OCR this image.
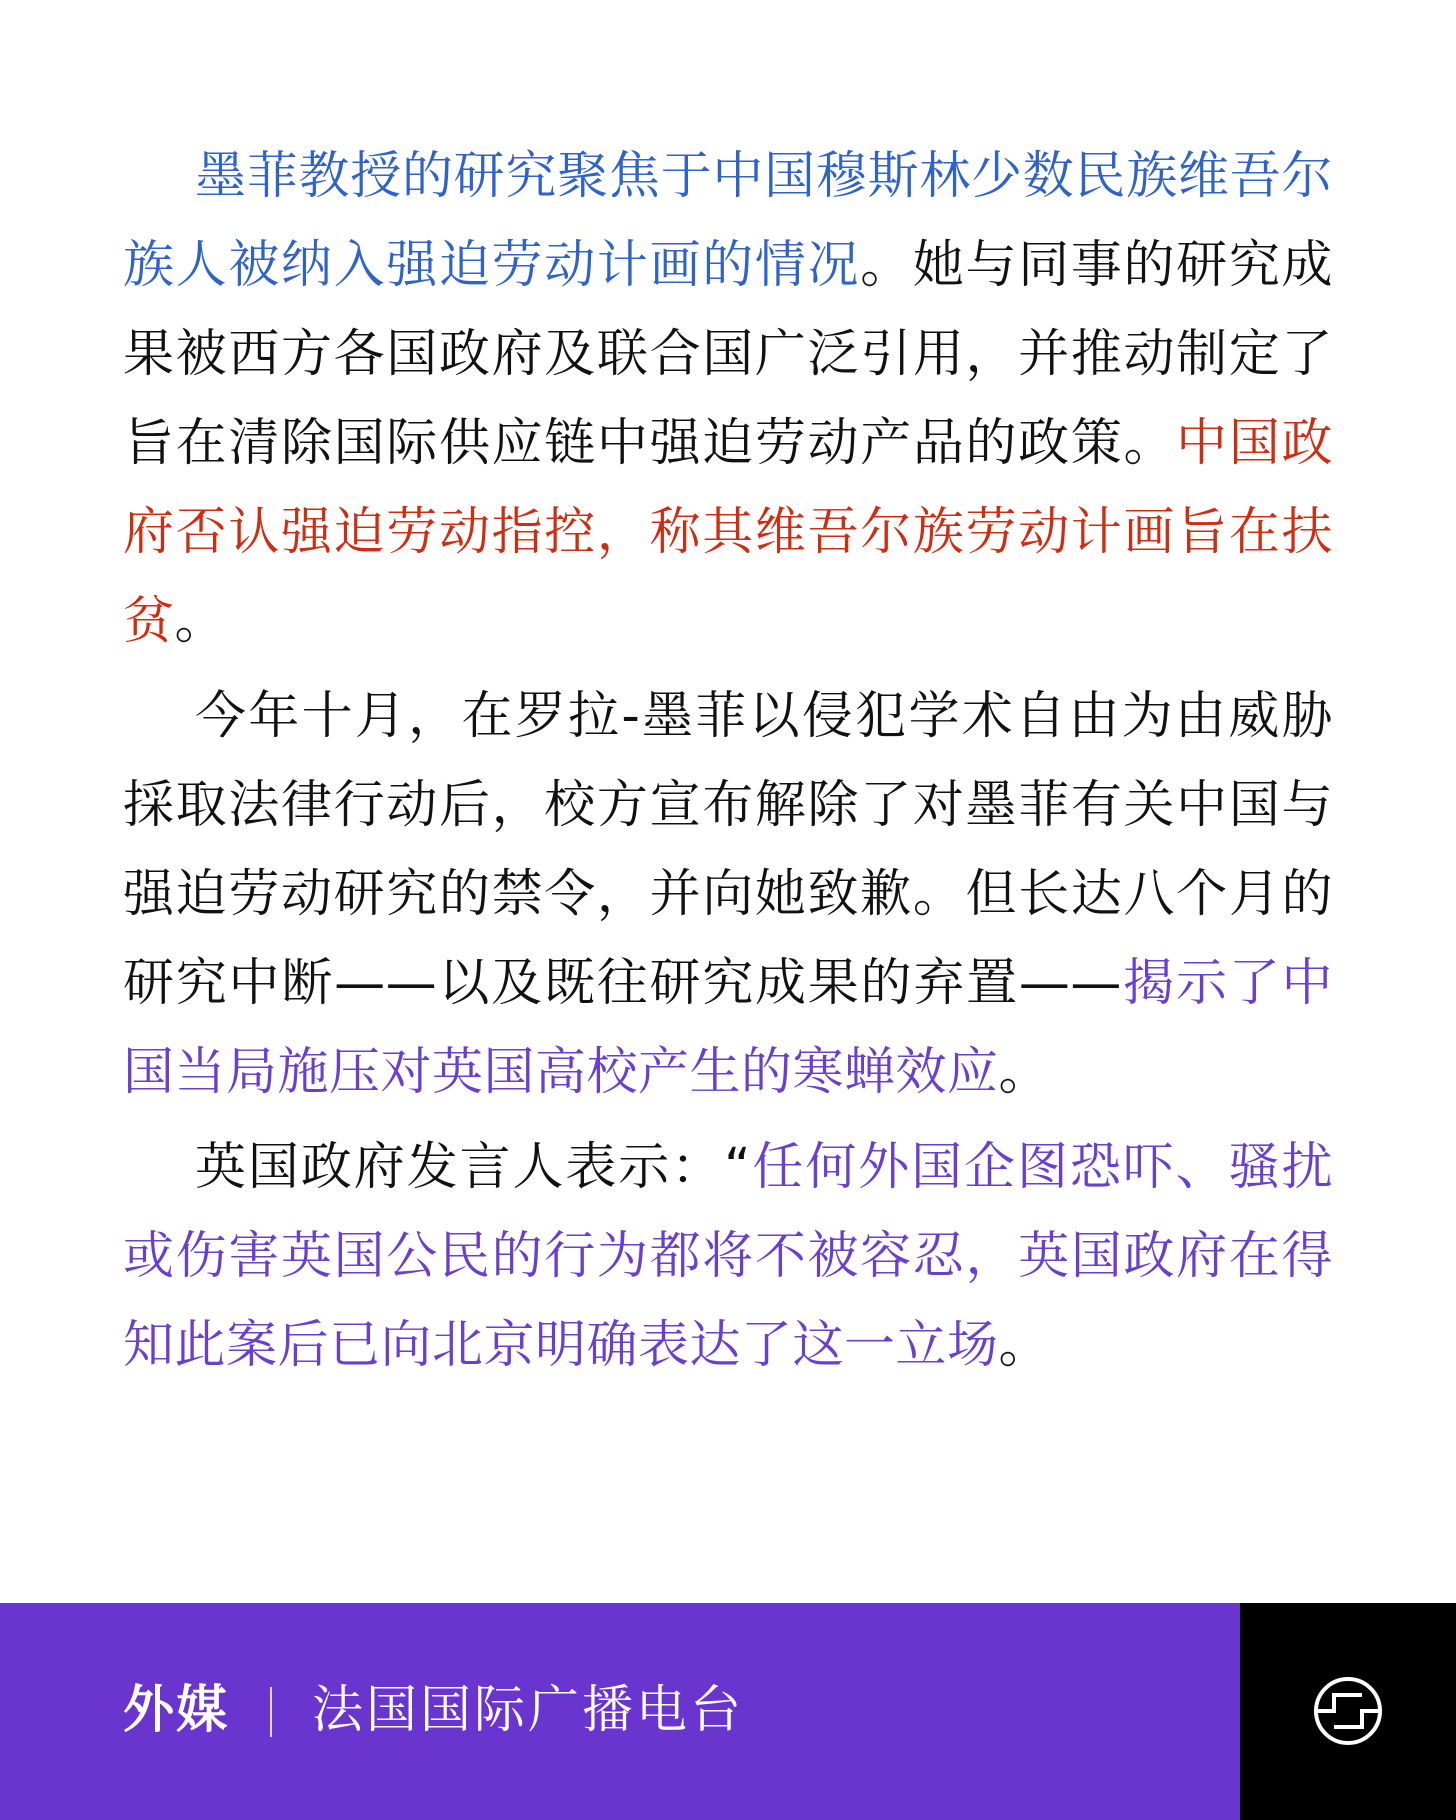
墨菲教授的研究聚焦于中国穆斯林少数民族维吾尔族人被纳入强迫劳动计画的情况。她与同事的研究成果被西方各国政府及联合国广泛引用，并推动制定了旨在清除国际供应链中强迫劳动产品的政策。中国政府否认强迫劳动指控，称其维吾尔族劳动计画旨在扶贫。

今年十月，在罗拉-墨菲以侵犯学术自由为由威胁採取法律行动后，校方宣布解除了对墨菲有关中国与强迫劳动研究的禁令，并向她致歉。但长达八个月的研究中断——以及既往研究成果的弃置——揭示了中国当局施压对英国高校产生的寒蝉效应。

英国政府发言人表示：“任何外国企图恐吓、骚扰或伤害英国公民的行为都将不被容忍，英国政府在得知此案后已向北京明确表达了这一立场。

外媒 法国国际广播电台
